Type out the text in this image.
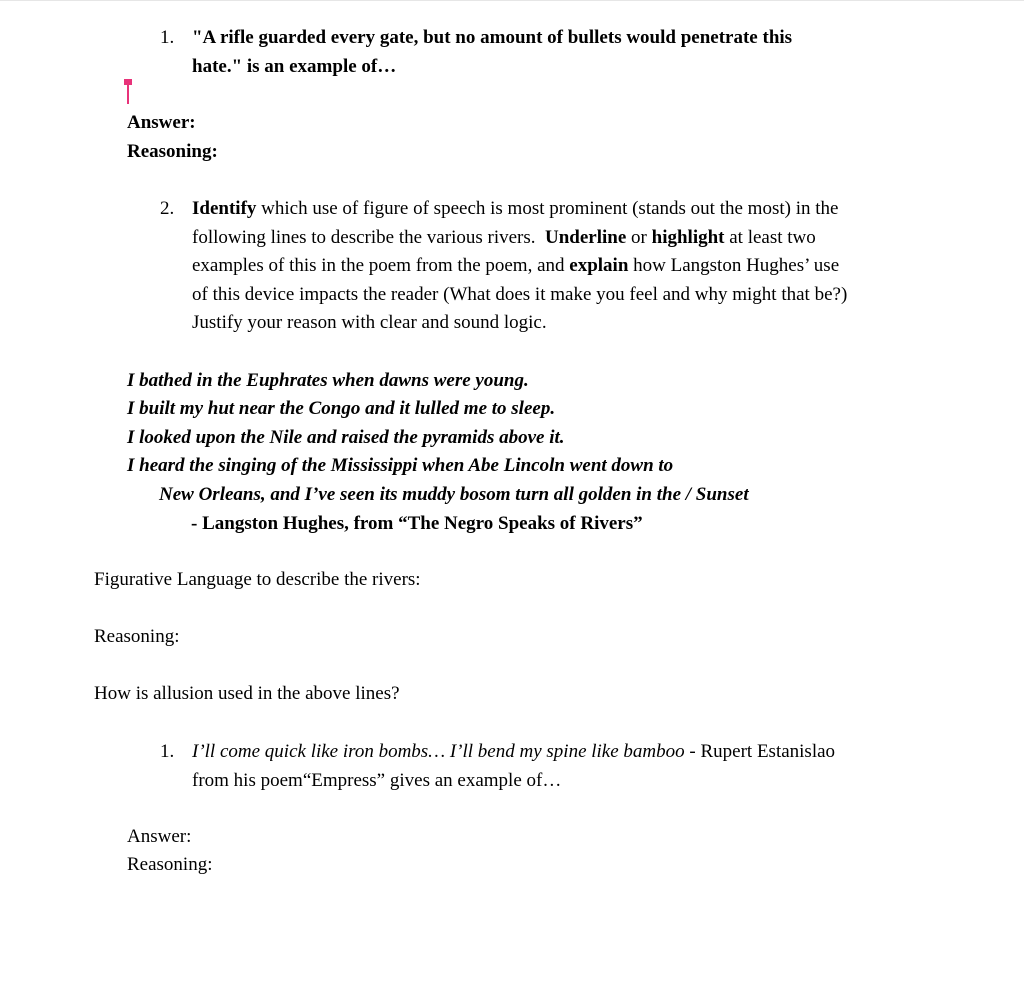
1. "A rifle guarded every gate, but no amount of bullets would penetrate this
hate." is an example of…
Answer:
Reasoning:
2. Identify which use of figure of speech is most prominent (stands out the most) in the
following lines to describe the various rivers.  Underline or highlight at least two
examples of this in the poem from the poem, and explain how Langston Hughes’ use
of this device impacts the reader (What does it make you feel and why might that be?)
Justify your reason with clear and sound logic.
I bathed in the Euphrates when dawns were young.
I built my hut near the Congo and it lulled me to sleep.
I looked upon the Nile and raised the pyramids above it.
I heard the singing of the Mississippi when Abe Lincoln went down to
New Orleans, and I’ve seen its muddy bosom turn all golden in the / Sunset
- Langston Hughes, from “The Negro Speaks of Rivers”
Figurative Language to describe the rivers:
Reasoning:
How is allusion used in the above lines?
1. I’ll come quick like iron bombs… I’ll bend my spine like bamboo - Rupert Estanislao
from his poem“Empress” gives an example of…
Answer:
Reasoning:
